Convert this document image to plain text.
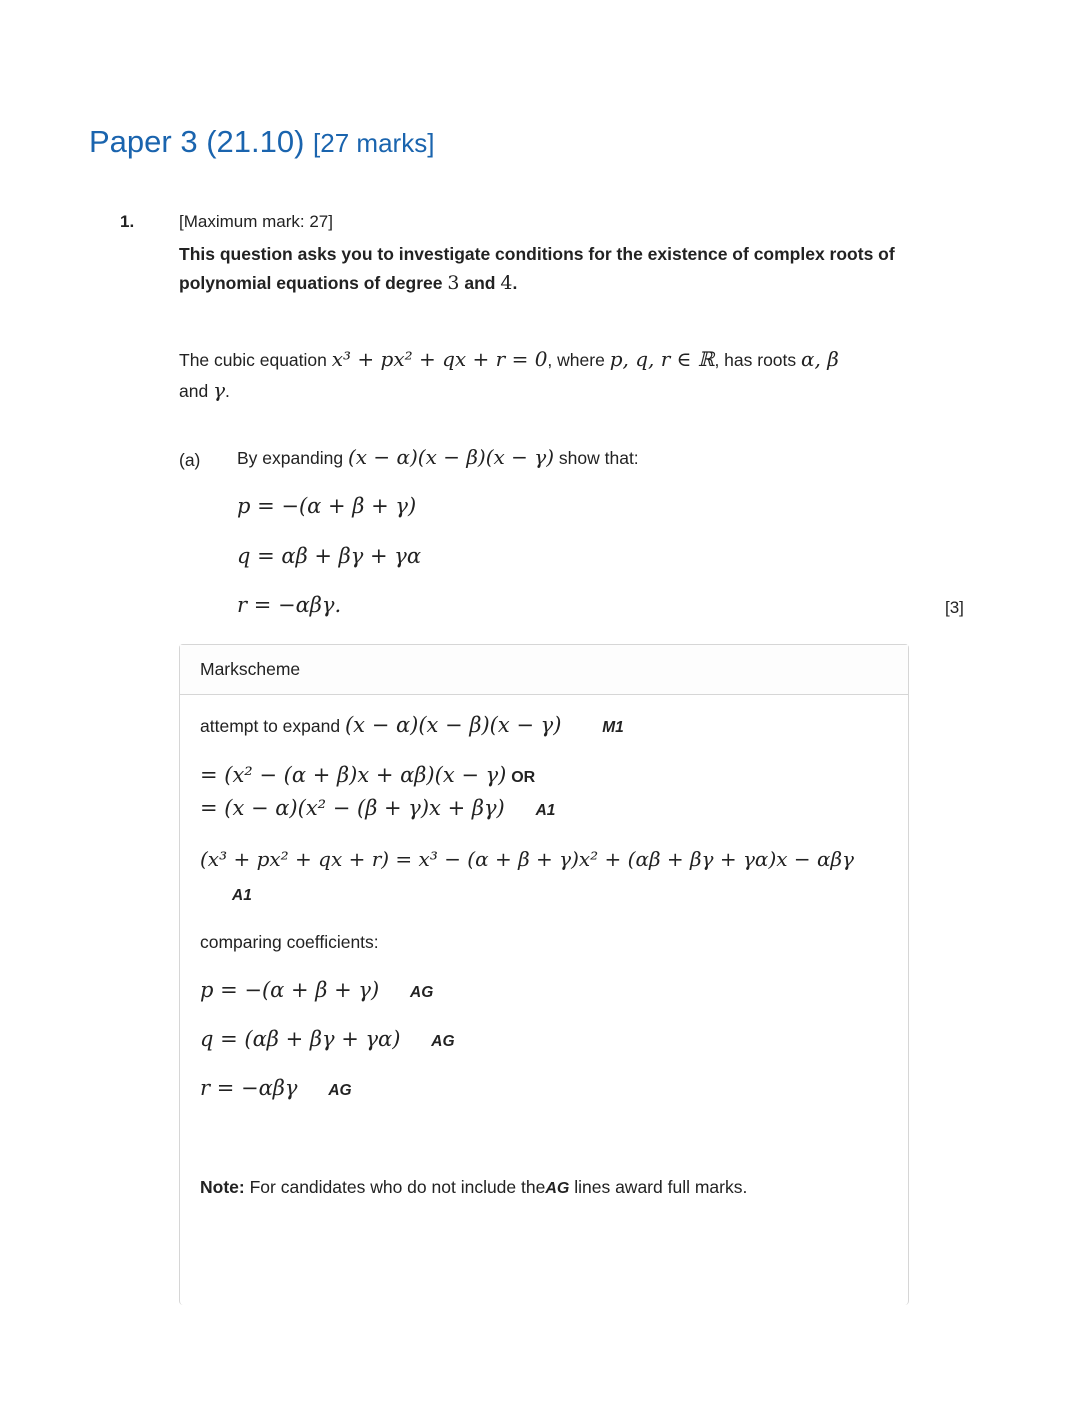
Paper 3 (21.10) [27 marks]
1.	[Maximum mark: 27]
This question asks you to investigate conditions for the existence of complex roots of polynomial equations of degree 3 and 4.
The cubic equation x³ + px² + qx + r = 0, where p, q, r ∈ ℝ, has roots α, β
and γ.
(a) By expanding (x − α)(x − β)(x − γ) show that:
p = −(α + β + γ)
q = αβ + βγ + γα
r = −αβγ.	[3]
Markscheme
attempt to expand (x − α)(x − β)(x − γ)	M1
= (x² − (α + β)x + αβ)(x − γ) OR
= (x − α)(x² − (β + γ)x + βγ) A1
(x³ + px² + qx + r) = x³ − (α + β + γ)x² + (αβ + βγ + γα)x − αβγ
A1
comparing coefficients:
p = −(α + β + γ) AG
q = (αβ + βγ + γα) AG
r = −αβγ AG
Note: For candidates who do not include theAG lines award full marks.
